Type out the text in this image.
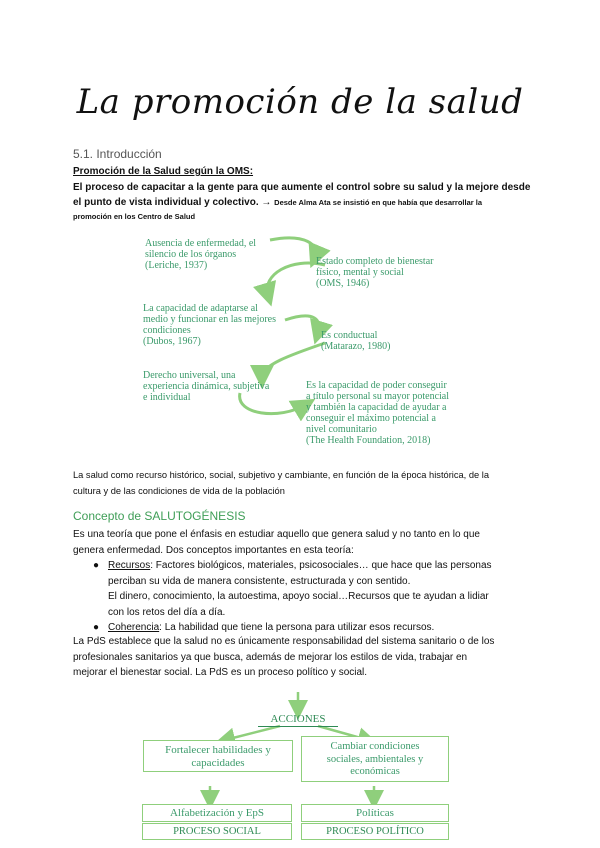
La promoción de la salud
5.1. Introducción
Promoción de la Salud según la OMS:
El proceso de capacitar a la gente para que aumente el control sobre su salud y la mejore desde
el punto de vista individual y colectivo. → Desde Alma Ata se insistió en que había que desarrollar la
promoción en los Centro de Salud
Ausencia de enfermedad, el
silencio de los órganos
(Leriche, 1937)	Estado completo de bienestar
físico, mental y social
(OMS, 1946)
La capacidad de adaptarse al
medio y funcionar en las mejores
condiciones
(Dubos, 1967)
Es conductual
(Matarazo, 1980)
Derecho universal, una
experiencia dinámica, subjetiva
e individual
Es la capacidad de poder conseguir
a título personal su mayor potencial
y también la capacidad de ayudar a
conseguir el máximo potencial a
nivel comunitario
(The Health Foundation, 2018)
La salud como recurso histórico, social, subjetivo y cambiante, en función de la época histórica, de la
cultura y de las condiciones de vida de la población
Concepto de SALUTOGÉNESIS
Es una teoría que pone el énfasis en estudiar aquello que genera salud y no tanto en lo que
genera enfermedad. Dos conceptos importantes en esta teoría:
● Recursos: Factores biológicos, materiales, psicosociales… que hace que las personas
perciban su vida de manera consistente, estructurada y con sentido.
El dinero, conocimiento, la autoestima, apoyo social…Recursos que te ayudan a lidiar
con los retos del día a día.
● Coherencia: La habilidad que tiene la persona para utilizar esos recursos.
La PdS establece que la salud no es únicamente responsabilidad del sistema sanitario o de los
profesionales sanitarios ya que busca, además de mejorar los estilos de vida, trabajar en
mejorar el bienestar social. La PdS es un proceso político y social.
ACCIONES
Fortalecer habilidades y
capacidades
Cambiar condiciones
sociales, ambientales y
económicas
Alfabetización y EpS	Políticas
PROCESO SOCIAL	PROCESO POLÍTICO
